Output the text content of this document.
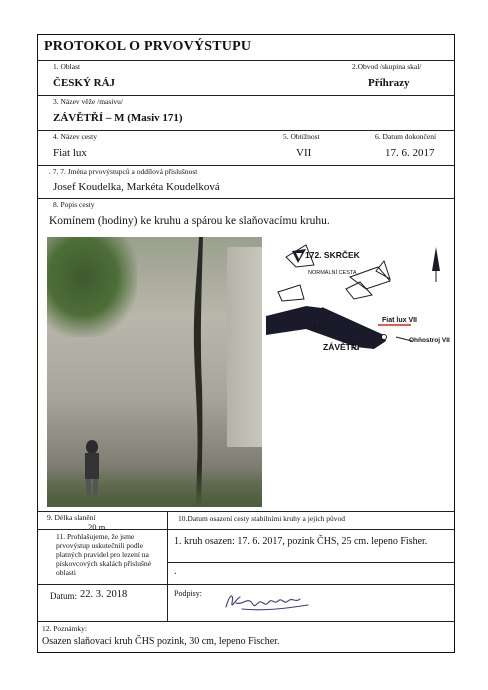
PROTOKOL O PRVOVÝSTUPU
1. Oblast
ČESKÝ RÁJ
2.Obvod /skupina skal/
Příhrazy
3. Název věže /masivu/
ZÁVĚTŘÍ – M (Masiv 171)
4. Název cesty
Fiat lux
5. Obtížnost
VII
6. Datum dokončení
17. 6. 2017
. 7. 7. Jména prvovýstupců a oddílová příslušnost
Josef Koudelka, Markéta Koudelková
8. Popis cesty
Komínem (hodiny) ke kruhu a spárou ke slaňovacímu kruhu.
172. SKRČEK
NORMÁLNÍ CESTA
171.
ZÁVĚTŘÍ
Fiat lux VII
Ohňostroj VII
9. Délka slanění
20 m
10.Datum osazení cesty stabilními kruhy a jejich původ
11. Prohlašujeme, že jsme prvovýstup uskutečnili podle platných pravidel pro lezení na pískovcových skalách příslušné oblasti
1. kruh osazen: 17. 6. 2017, pozink ČHS, 25 cm. lepeno Fisher.
.
Datum: 22. 3. 2018	Podpisy:
12. Poznámky:
Osazen slaňovací kruh ČHS pozink, 30 cm, lepeno Fischer.
